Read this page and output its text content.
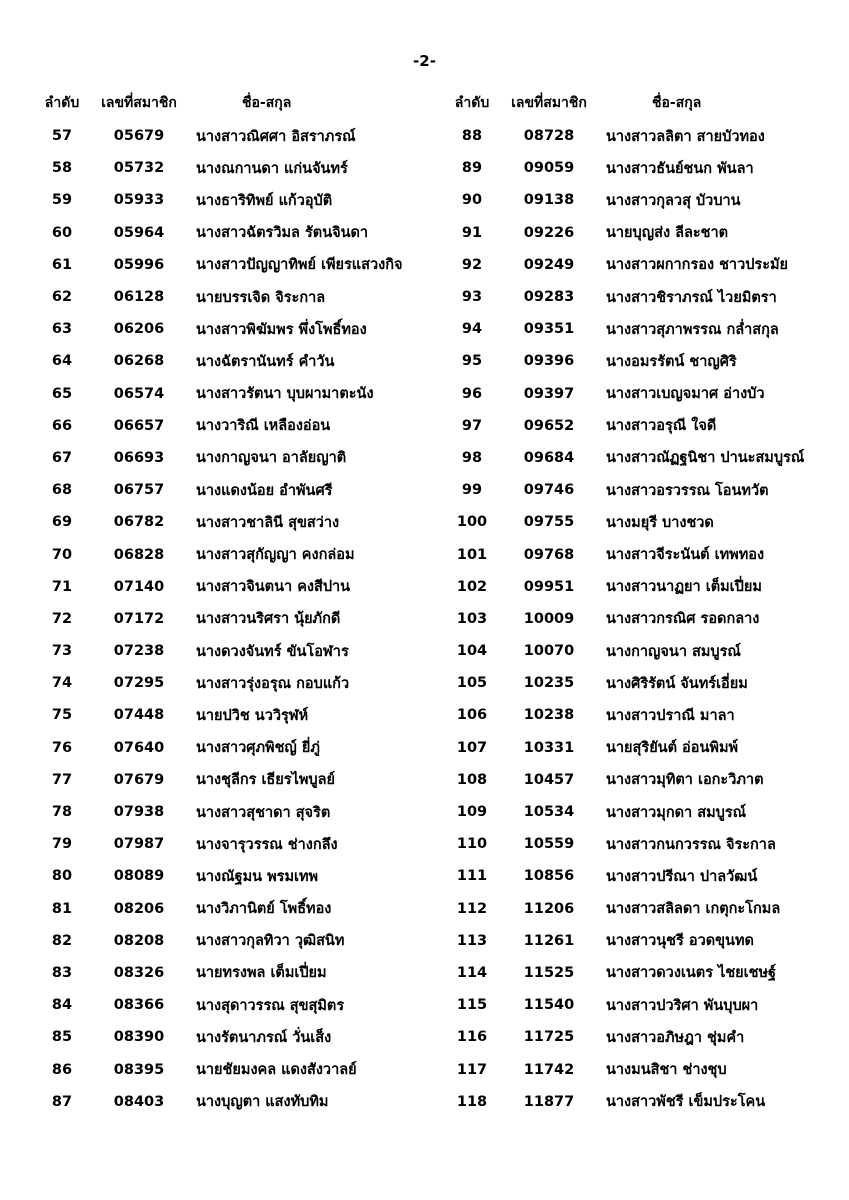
-2-
ลำดับ	เลขที่สมาชิก	ชื่อ-สกุล
57	05679	นางสาวณิศศา อิสราภรณ์
58	05732	นางณกานดา แก่นจันทร์
59	05933	นางธาริทิพย์ แก้วอุบัติ
60	05964	นางสาวฉัตรวิมล รัตนจินดา
61	05996	นางสาวปัญญาทิพย์ เพียรแสวงกิจ
62	06128	นายบรรเจิด จิระกาล
63	06206	นางสาวพิฆัมพร พึ่งโพธิ์ทอง
64	06268	นางฉัตรานันทร์ คำวัน
65	06574	นางสาวรัตนา บุบผามาตะนัง
66	06657	นางวาริณี เหลืองอ่อน
67	06693	นางกาญจนา อาลัยญาติ
68	06757	นางแดงน้อย อำพันศรี
69	06782	นางสาวชาลินี สุขสว่าง
70	06828	นางสาวสุกัญญา คงกล่อม
71	07140	นางสาวจินตนา คงสีปาน
72	07172	นางสาวนริศรา นุ้ยภักดี
73	07238	นางดวงจันทร์ ขันโอฬาร
74	07295	นางสาวรุ่งอรุณ กอบแก้ว
75	07448	นายปวิช นววิรุฬห์
76	07640	นางสาวศุภพิชญ์ ยี่ภู่
77	07679	นางชุลีกร เธียรไพบูลย์
78	07938	นางสาวสุชาดา สุจริต
79	07987	นางจารุวรรณ ช่างกลึง
80	08089	นางณัฐมน พรมเทพ
81	08206	นางวิภานิตย์ โพธิ์ทอง
82	08208	นางสาวกุลทิวา วุฒิสนิท
83	08326	นายทรงพล เต็มเปี่ยม
84	08366	นางสุดาวรรณ สุขสุมิตร
85	08390	นางรัตนาภรณ์ วั่นเส็ง
86	08395	นายชัยมงคล แดงสังวาลย์
87	08403	นางบุญตา แสงทับทิม
ลำดับ	เลขที่สมาชิก	ชื่อ-สกุล
88	08728	นางสาวลลิตา สายบัวทอง
89	09059	นางสาวธันย์ชนก พันลา
90	09138	นางสาวกุลวสุ บัวบาน
91	09226	นายบุญส่ง ลีละชาต
92	09249	นางสาวผกากรอง ชาวประมัย
93	09283	นางสาวชิราภรณ์ ไวยมิตรา
94	09351	นางสาวสุภาพรรณ กล่ำสกุล
95	09396	นางอมรรัตน์ ชาญศิริ
96	09397	นางสาวเบญจมาศ อ่างบัว
97	09652	นางสาวอรุณี ใจดี
98	09684	นางสาวณัฏฐนิชา ปานะสมบูรณ์
99	09746	นางสาวอรวรรณ โอนทวัต
100	09755	นางมยุรี บางชวด
101	09768	นางสาวจีระนันต์ เทพทอง
102	09951	นางสาวนาฏยา เต็มเปี่ยม
103	10009	นางสาวกรณิศ รอดกลาง
104	10070	นางกาญจนา สมบูรณ์
105	10235	นางศิริรัตน์ จันทร์เอี่ยม
106	10238	นางสาวปราณี มาลา
107	10331	นายสุริยันต์ อ่อนพิมพ์
108	10457	นางสาวมุทิตา เอกะวิภาต
109	10534	นางสาวมุกดา สมบูรณ์
110	10559	นางสาวกนกวรรณ จิระกาล
111	10856	นางสาวปรีณา ปาลวัฒน์
112	11206	นางสาวสลิลดา เกตุกะโกมล
113	11261	นางสาวนุชรี อวดขุนทด
114	11525	นางสาวดวงเนตร ไชยเชษฐ์
115	11540	นางสาวปวริศา พันบุบผา
116	11725	นางสาวอภิษฎา ชุ่มคำ
117	11742	นางมนสิชา ช่างชุบ
118	11877	นางสาวพัชรี เข็มประโคน
